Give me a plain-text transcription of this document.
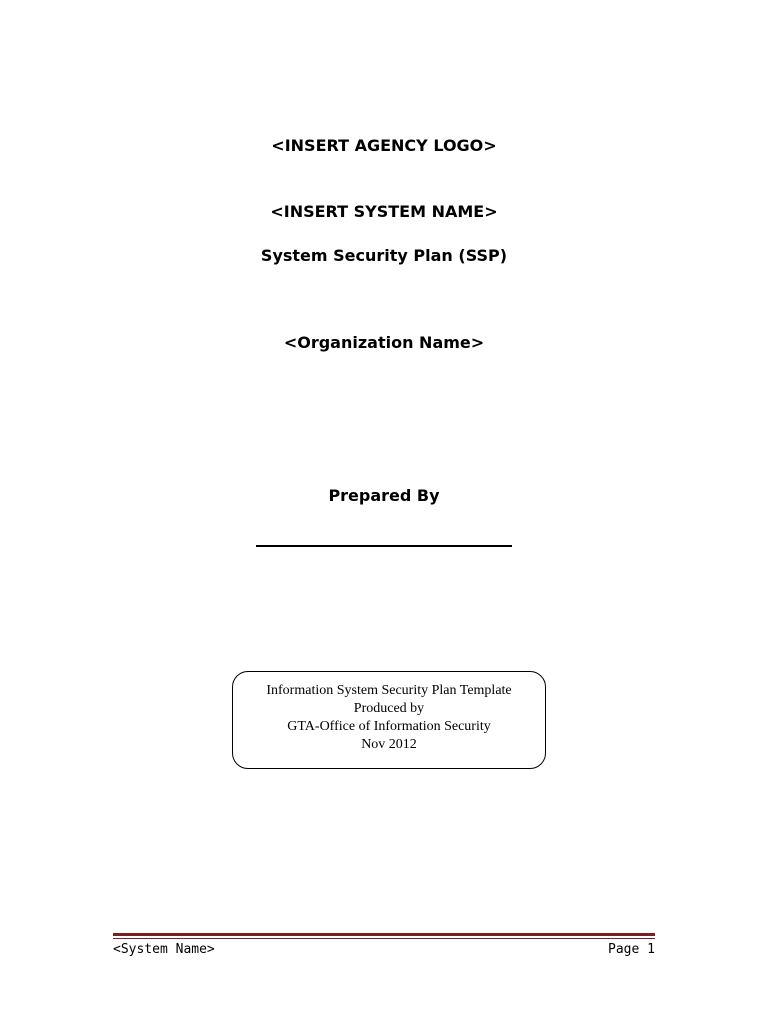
<INSERT AGENCY LOGO>
<INSERT SYSTEM NAME>
System Security Plan (SSP)
<Organization Name>
Prepared By
Information System Security Plan Template
Produced by
GTA-Office of Information Security
Nov 2012
<System Name>	Page 1
